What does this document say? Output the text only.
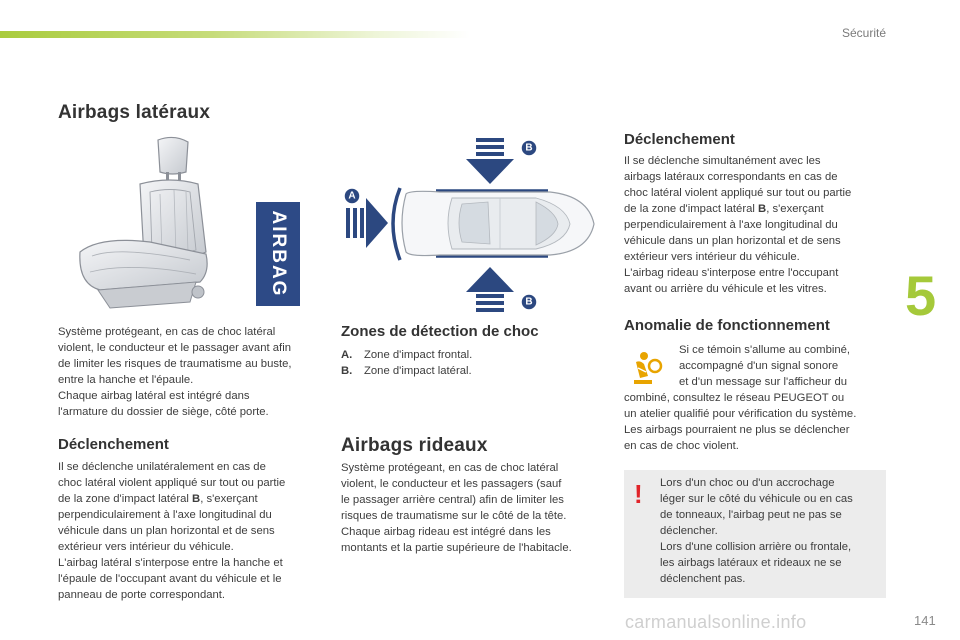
Sécurité
5
Airbags latéraux
AIRBAG
Système protégeant, en cas de choc latéral
violent, le conducteur et le passager avant afin
de limiter les risques de traumatisme au buste,
entre la hanche et l'épaule.
Chaque airbag latéral est intégré dans
l'armature du dossier de siège, côté porte.
Déclenchement
Il se déclenche unilatéralement en cas de
choc latéral violent appliqué sur tout ou partie
de la zone d'impact latéral B, s'exerçant
perpendiculairement à l'axe longitudinal du
véhicule dans un plan horizontal et de sens
extérieur vers intérieur du véhicule.
L'airbag latéral s'interpose entre la hanche et
l'épaule de l'occupant avant du véhicule et le
panneau de porte correspondant.
B
B
A
Zones de détection de choc
A.	Zone d'impact frontal.
B.	Zone d'impact latéral.
Airbags rideaux
Système protégeant, en cas de choc latéral
violent, le conducteur et les passagers (sauf
le passager arrière central) afin de limiter les
risques de traumatisme sur le côté de la tête.
Chaque airbag rideau est intégré dans les
montants et la partie supérieure de l'habitacle.
Déclenchement
Il se déclenche simultanément avec les
airbags latéraux correspondants en cas de
choc latéral violent appliqué sur tout ou partie
de la zone d'impact latéral B, s'exerçant
perpendiculairement à l'axe longitudinal du
véhicule dans un plan horizontal et de sens
extérieur vers intérieur du véhicule.
L'airbag rideau s'interpose entre l'occupant
avant ou arrière du véhicule et les vitres.
Anomalie de fonctionnement
Si ce témoin s'allume au combiné,
accompagné d'un signal sonore
et d'un message sur l'afficheur du
combiné, consultez le réseau PEUGEOT ou
un atelier qualifié pour vérification du système.
Les airbags pourraient ne plus se déclencher
en cas de choc violent.
! Lors d'un choc ou d'un accrochage
léger sur le côté du véhicule ou en cas
de tonneaux, l'airbag peut ne pas se
déclencher.
Lors d'une collision arrière ou frontale,
les airbags latéraux et rideaux ne se
déclenchent pas.
carmanualsonline.info	141
